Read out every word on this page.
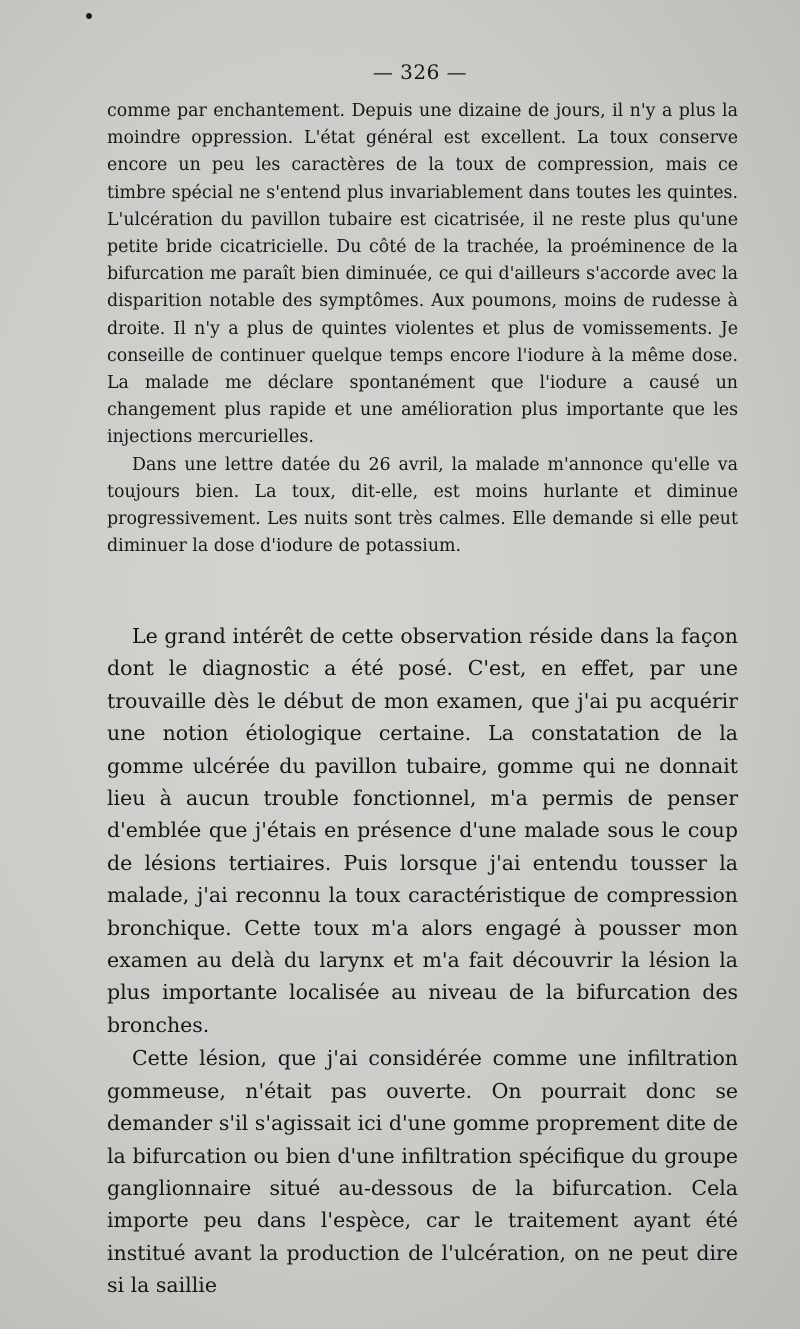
— 326 —

comme par enchantement. Depuis une dizaine de jours, il n'y a plus la moindre oppression. L'état général est excellent. La toux conserve encore un peu les caractères de la toux de compression, mais ce timbre spécial ne s'entend plus invariablement dans toutes les quintes. L'ulcération du pavillon tubaire est cicatrisée, il ne reste plus qu'une petite bride cicatricielle. Du côté de la trachée, la proéminence de la bifurcation me paraît bien diminuée, ce qui d'ailleurs s'accorde avec la disparition notable des symptômes. Aux poumons, moins de rudesse à droite. Il n'y a plus de quintes violentes et plus de vomissements. Je conseille de continuer quelque temps encore l'iodure à la même dose. La malade me déclare spontanément que l'iodure a causé un changement plus rapide et une amélioration plus importante que les injections mercurielles.

Dans une lettre datée du 26 avril, la malade m'annonce qu'elle va toujours bien. La toux, dit-elle, est moins hurlante et diminue progressivement. Les nuits sont très calmes. Elle demande si elle peut diminuer la dose d'iodure de potassium.

Le grand intérêt de cette observation réside dans la façon dont le diagnostic a été posé. C'est, en effet, par une trouvaille dès le début de mon examen, que j'ai pu acquérir une notion étiologique certaine. La constatation de la gomme ulcérée du pavillon tubaire, gomme qui ne donnait lieu à aucun trouble fonctionnel, m'a permis de penser d'emblée que j'étais en présence d'une malade sous le coup de lésions tertiaires. Puis lorsque j'ai entendu tousser la malade, j'ai reconnu la toux caractéristique de compression bronchique. Cette toux m'a alors engagé à pousser mon examen au delà du larynx et m'a fait découvrir la lésion la plus importante localisée au niveau de la bifurcation des bronches.

Cette lésion, que j'ai considérée comme une infiltration gommeuse, n'était pas ouverte. On pourrait donc se demander s'il s'agissait ici d'une gomme proprement dite de la bifurcation ou bien d'une infiltration spécifique du groupe ganglionnaire situé au-dessous de la bifurcation. Cela importe peu dans l'espèce, car le traitement ayant été institué avant la production de l'ulcération, on ne peut dire si la saillie
